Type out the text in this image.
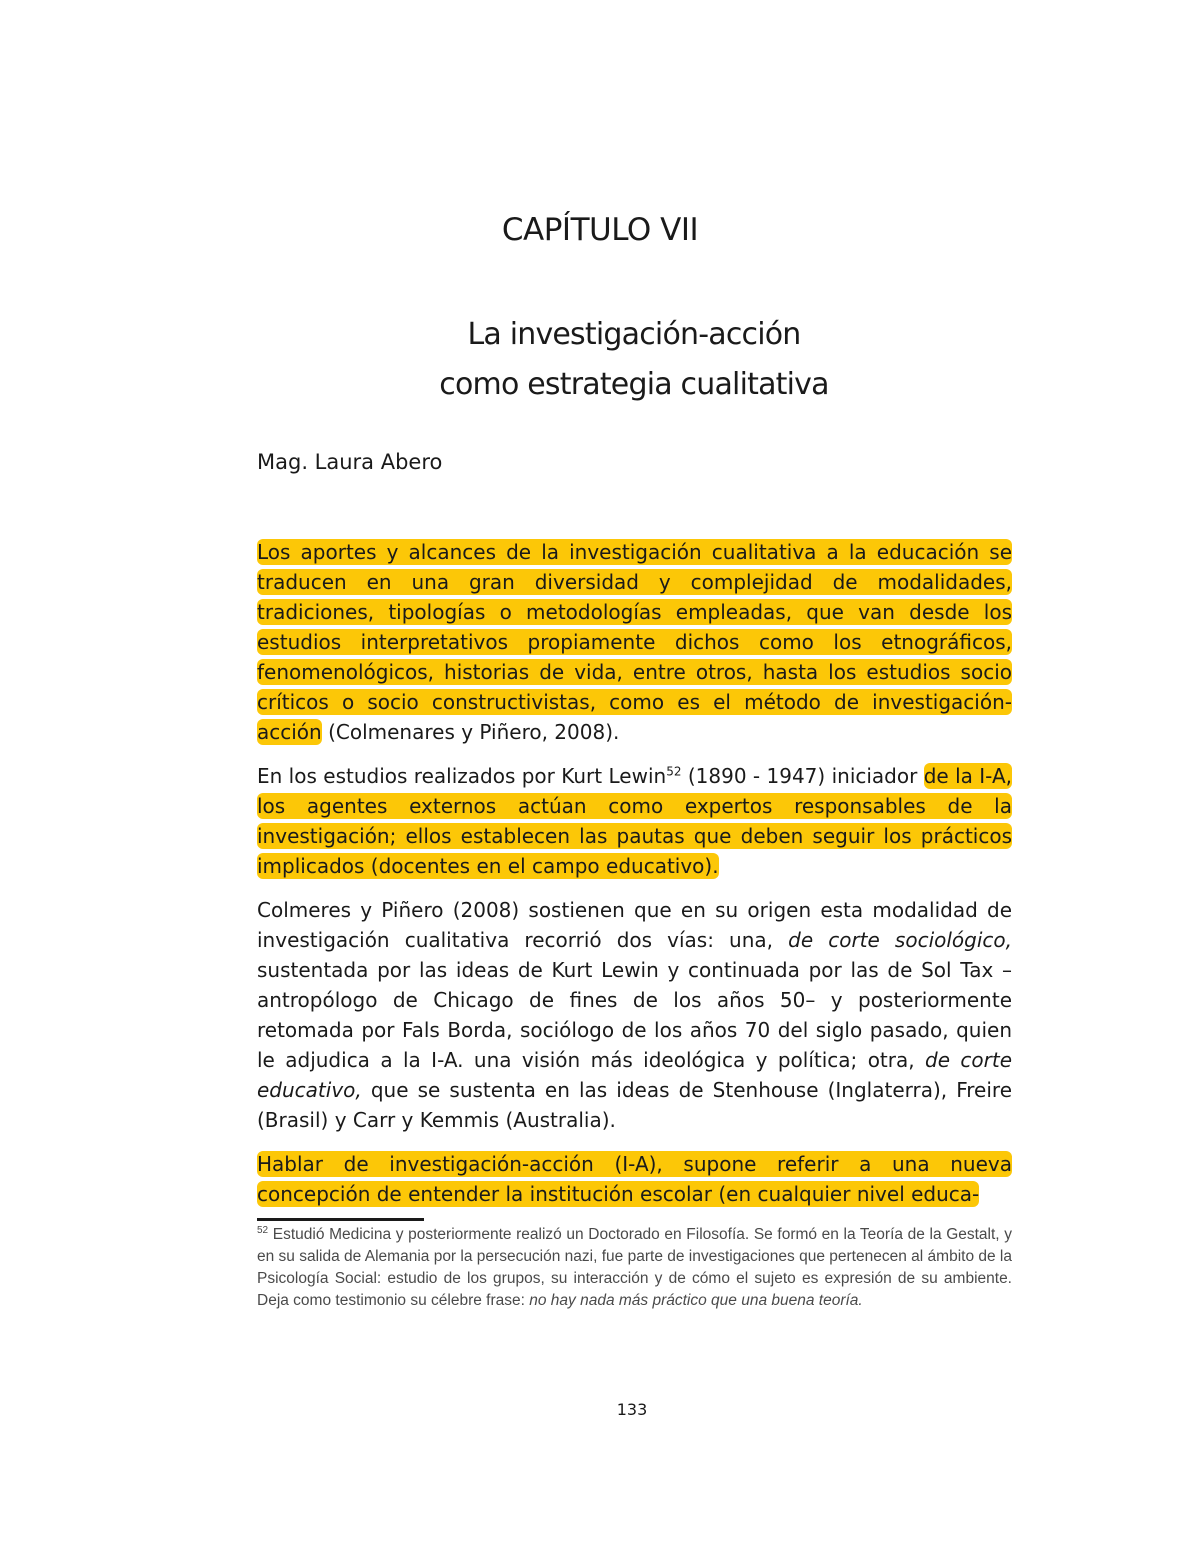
CAPÍTULO VII
La investigación-acción
como estrategia cualitativa
Mag. Laura Abero

Los aportes y alcances de la investigación cualitativa a la educación se traducen en una gran diversidad y complejidad de modalidades, tradiciones, tipologías o metodologías empleadas, que van desde los estudios interpretativos propiamente dichos como los etnográficos, fenomenológicos, historias de vida, entre otros, hasta los estudios socio críticos o socio constructivistas, como es el método de investigación-acción (Colmenares y Piñero, 2008).

En los estudios realizados por Kurt Lewin$^{52}$ (1890 - 1947) iniciador de la I-A, los agentes externos actúan como expertos responsables de la investigación; ellos establecen las pautas que deben seguir los prácticos implicados (docentes en el campo educativo).

Colmeres y Piñero (2008) sostienen que en su origen esta modalidad de investigación cualitativa recorrió dos vías: una, de corte sociológico, sustentada por las ideas de Kurt Lewin y continuada por las de Sol Tax –antropólogo de Chicago de fines de los años 50– y posteriormente retomada por Fals Borda, sociólogo de los años 70 del siglo pasado, quien le adjudica a la I-A. una visión más ideológica y política; otra, de corte educativo, que se sustenta en las ideas de Stenhouse (Inglaterra), Freire (Brasil) y Carr y Kemmis (Australia).

Hablar de investigación-acción (I-A), supone referir a una nueva concepción de entender la institución escolar (en cualquier nivel educa-

$^{52}$ Estudió Medicina y posteriormente realizó un Doctorado en Filosofía. Se formó en la Teoría de la Gestalt, y en su salida de Alemania por la persecución nazi, fue parte de investigaciones que pertenecen al ámbito de la Psicología Social: estudio de los grupos, su interacción y de cómo el sujeto es expresión de su ambiente. Deja como testimonio su célebre frase: no hay nada más práctico que una buena teoría.

133
